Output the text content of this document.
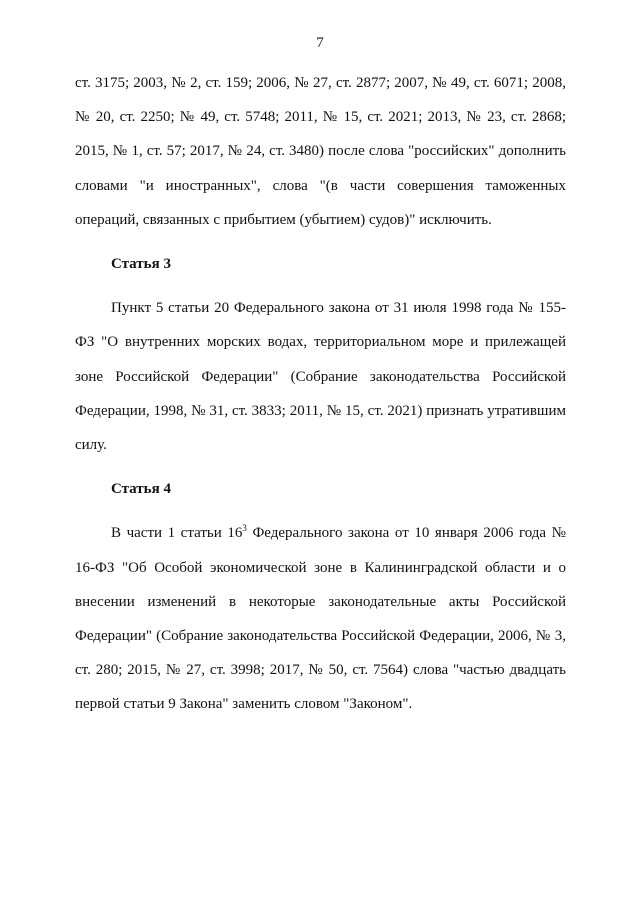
7

ст. 3175; 2003, № 2, ст. 159; 2006, № 27, ст. 2877; 2007, № 49, ст. 6071; 2008, № 20, ст. 2250; № 49, ст. 5748; 2011, № 15, ст. 2021; 2013, № 23, ст. 2868; 2015, № 1, ст. 57; 2017, № 24, ст. 3480) после слова "российских" дополнить словами "и иностранных", слова "(в части совершения таможенных операций, связанных с прибытием (убытием) судов)" исключить.

Статья 3

Пункт 5 статьи 20 Федерального закона от 31 июля 1998 года № 155-ФЗ "О внутренних морских водах, территориальном море и прилежащей зоне Российской Федерации" (Собрание законодательства Российской Федерации, 1998, № 31, ст. 3833; 2011, № 15, ст. 2021) признать утратившим силу.

Статья 4

В части 1 статьи $16^3$ Федерального закона от 10 января 2006 года № 16-ФЗ "Об Особой экономической зоне в Калининградской области и о внесении изменений в некоторые законодательные акты Российской Федерации" (Собрание законодательства Российской Федерации, 2006, № 3, ст. 280; 2015, № 27, ст. 3998; 2017, № 50, ст. 7564) слова "частью двадцать первой статьи 9 Закона" заменить словом "Законом".
